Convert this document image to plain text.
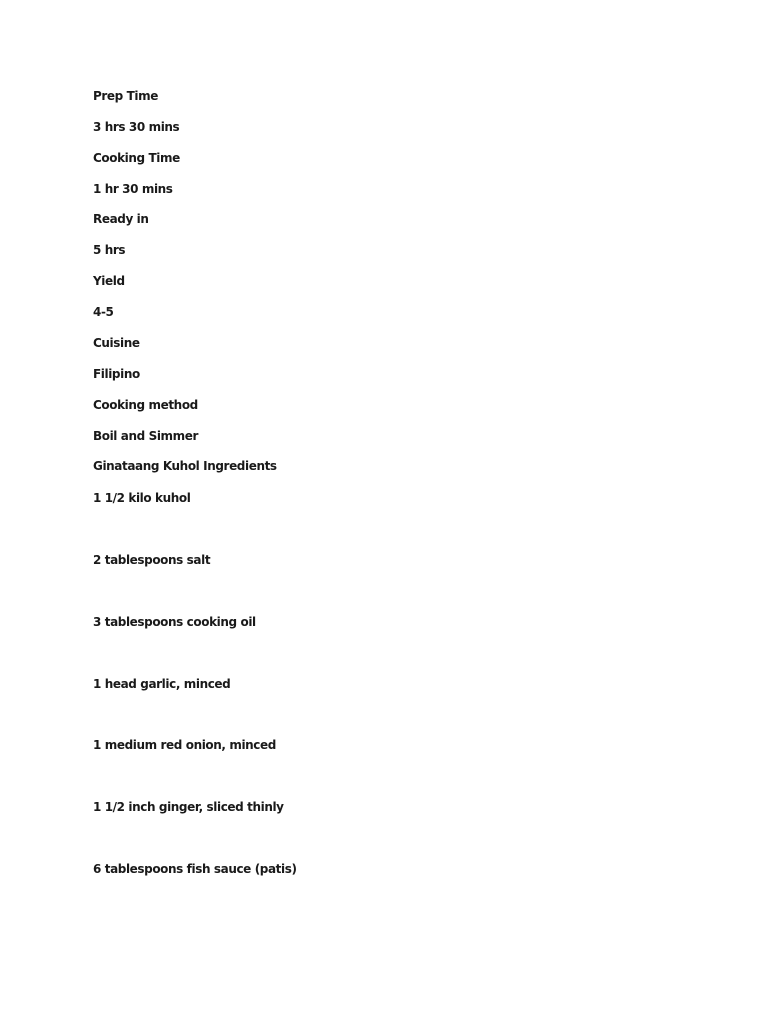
Prep Time
3 hrs 30 mins
Cooking Time
1 hr 30 mins
Ready in
5 hrs
Yield
4-5
Cuisine
Filipino
Cooking method
Boil and Simmer
Ginataang Kuhol Ingredients
1 1/2 kilo kuhol
2 tablespoons salt
3 tablespoons cooking oil
1 head garlic, minced
1 medium red onion, minced
1 1/2 inch ginger, sliced thinly
6 tablespoons fish sauce (patis)
